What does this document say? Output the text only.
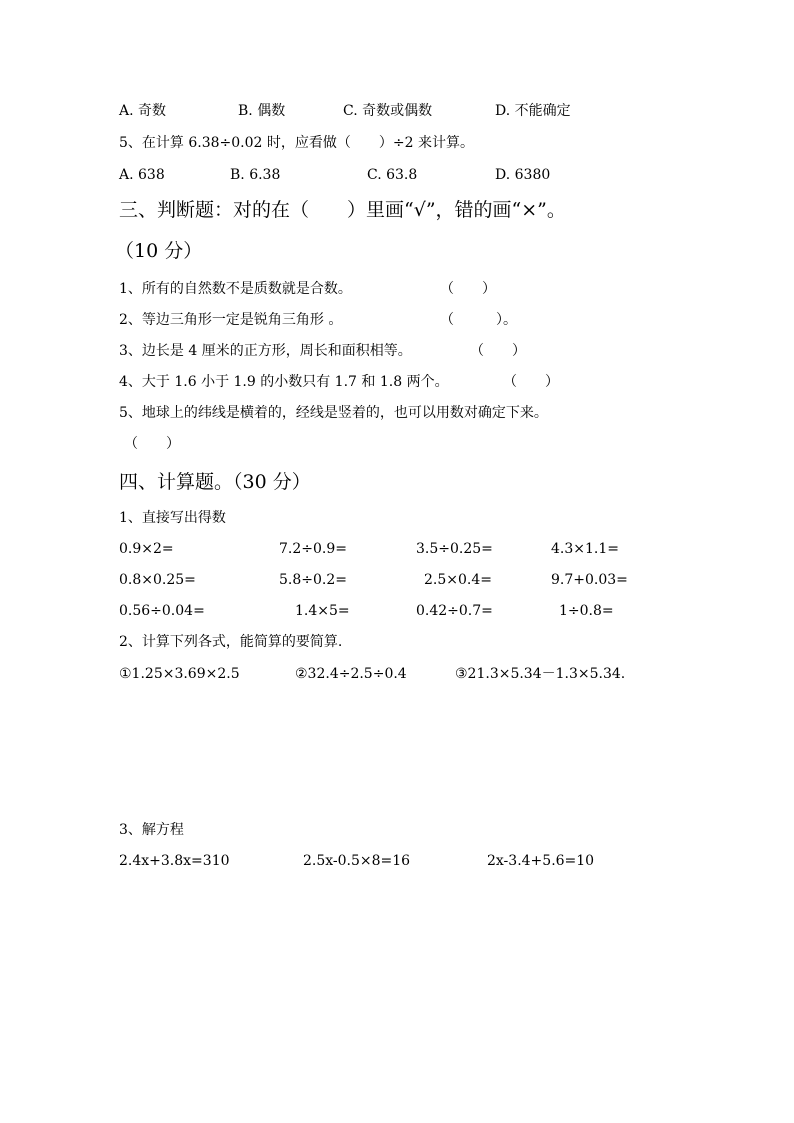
A. 奇数	B. 偶数	C. 奇数或偶数	D. 不能确定
5、在计算 6.38÷0.02 时，应看做（　　）÷2 来计算。
A. 638	B. 6.38	C. 63.8	D. 6380
三、判断题：对的在（　　）里画“√”，错的画“×”。
（10 分）
1、所有的自然数不是质数就是合数。	（　　）
2、等边三角形一定是锐角三角形 。	（　　　）。
3、边长是 4 厘米的正方形，周长和面积相等。	（　　）
4、大于 1.6 小于 1.9 的小数只有 1.7 和 1.8 两个。	（　　）
5、地球上的纬线是横着的，经线是竖着的，也可以用数对确定下来。
（　　）
四、计算题。（30 分）
1、直接写出得数
0.9×2=	7.2÷0.9=	3.5÷0.25=	4.3×1.1=
0.8×0.25=	5.8÷0.2=	2.5×0.4=	9.7+0.03=
0.56÷0.04=	1.4×5=	0.42÷0.7=	1÷0.8=
2、计算下列各式，能简算的要简算.
①1.25×3.69×2.5	②32.4÷2.5÷0.4	③21.3×5.34－1.3×5.34.
3、解方程
2.4x+3.8x=310	2.5x-0.5×8=16	2x-3.4+5.6=10
